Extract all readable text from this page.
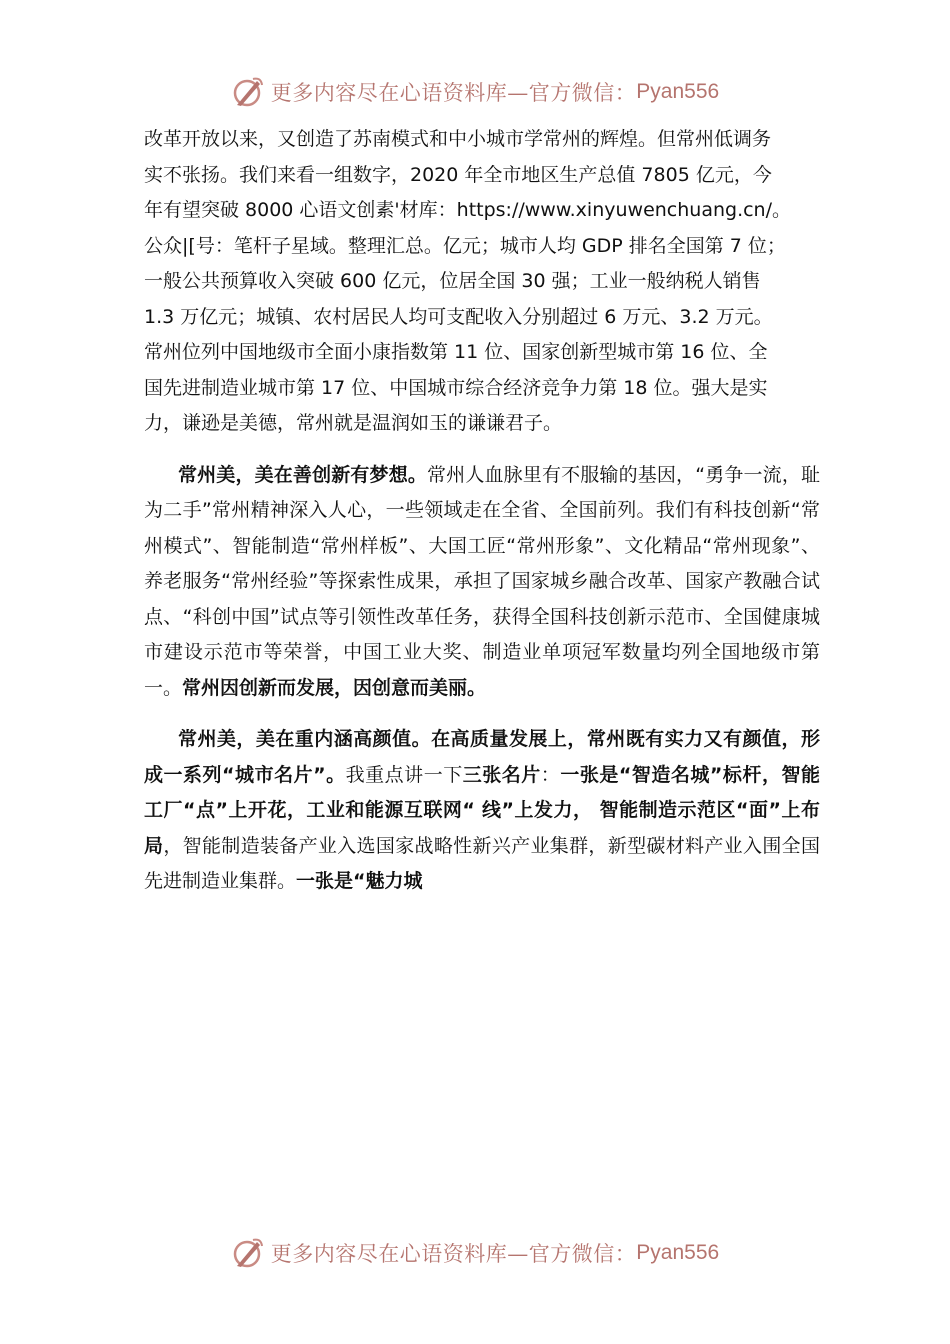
更多内容尽在心语资料库—官方微信： Pyan556

改革开放以来，又创造了苏南模式和中小城市学常州的辉煌。但常州低调务

实不张扬。我们来看一组数字，2020 年全市地区生产总值 7805 亿元，今

年有望突破 8000 心语文创素'材库：https://www.xinyuwenchuang.cn/。

公众|[号：笔杆子星域。整理汇总。亿元；城市人均 GDP 排名全国第 7 位；

一般公共预算收入突破 600 亿元，位居全国 30 强；工业一般纳税人销售

1.3 万亿元；城镇、农村居民人均可支配收入分别超过 6 万元、3.2 万元。

常州位列中国地级市全面小康指数第 11 位、国家创新型城市第 16 位、全

国先进制造业城市第 17 位、中国城市综合经济竞争力第 18 位。强大是实

力，谦逊是美德，常州就是温润如玉的谦谦君子。

常州美，美在善创新有梦想。常州人血脉里有不服输的基因，“勇争一流，耻为二手”常州精神深入人心，一些领域走在全省、全国前列。我们有科技创新“常州模式”、智能制造“常州样板”、大国工匠“常州形象”、文化精品“常州现象”、养老服务“常州经验”等探索性成果，承担了国家城乡融合改革、国家产教融合试点、“科创中国”试点等引领性改革任务，获得全国科技创新示范市、全国健康城市建设示范市等荣誉，中国工业大奖、制造业单项冠军数量均列全国地级市第一。常州因创新而发展，因创意而美丽。

常州美，美在重内涵高颜值。在高质量发展上，常州既有实力又有颜值，形成一系列“城市名片”。我重点讲一下三张名片：一张是“智造名城”标杆，智能工厂“点”上开花，工业和能源互联网“ 线”上发力， 智能制造示范区“面”上布局，智能制造装备产业入选国家战略性新兴产业集群，新型碳材料产业入围全国先进制造业集群。一张是“魅力城

更多内容尽在心语资料库—官方微信： Pyan556
